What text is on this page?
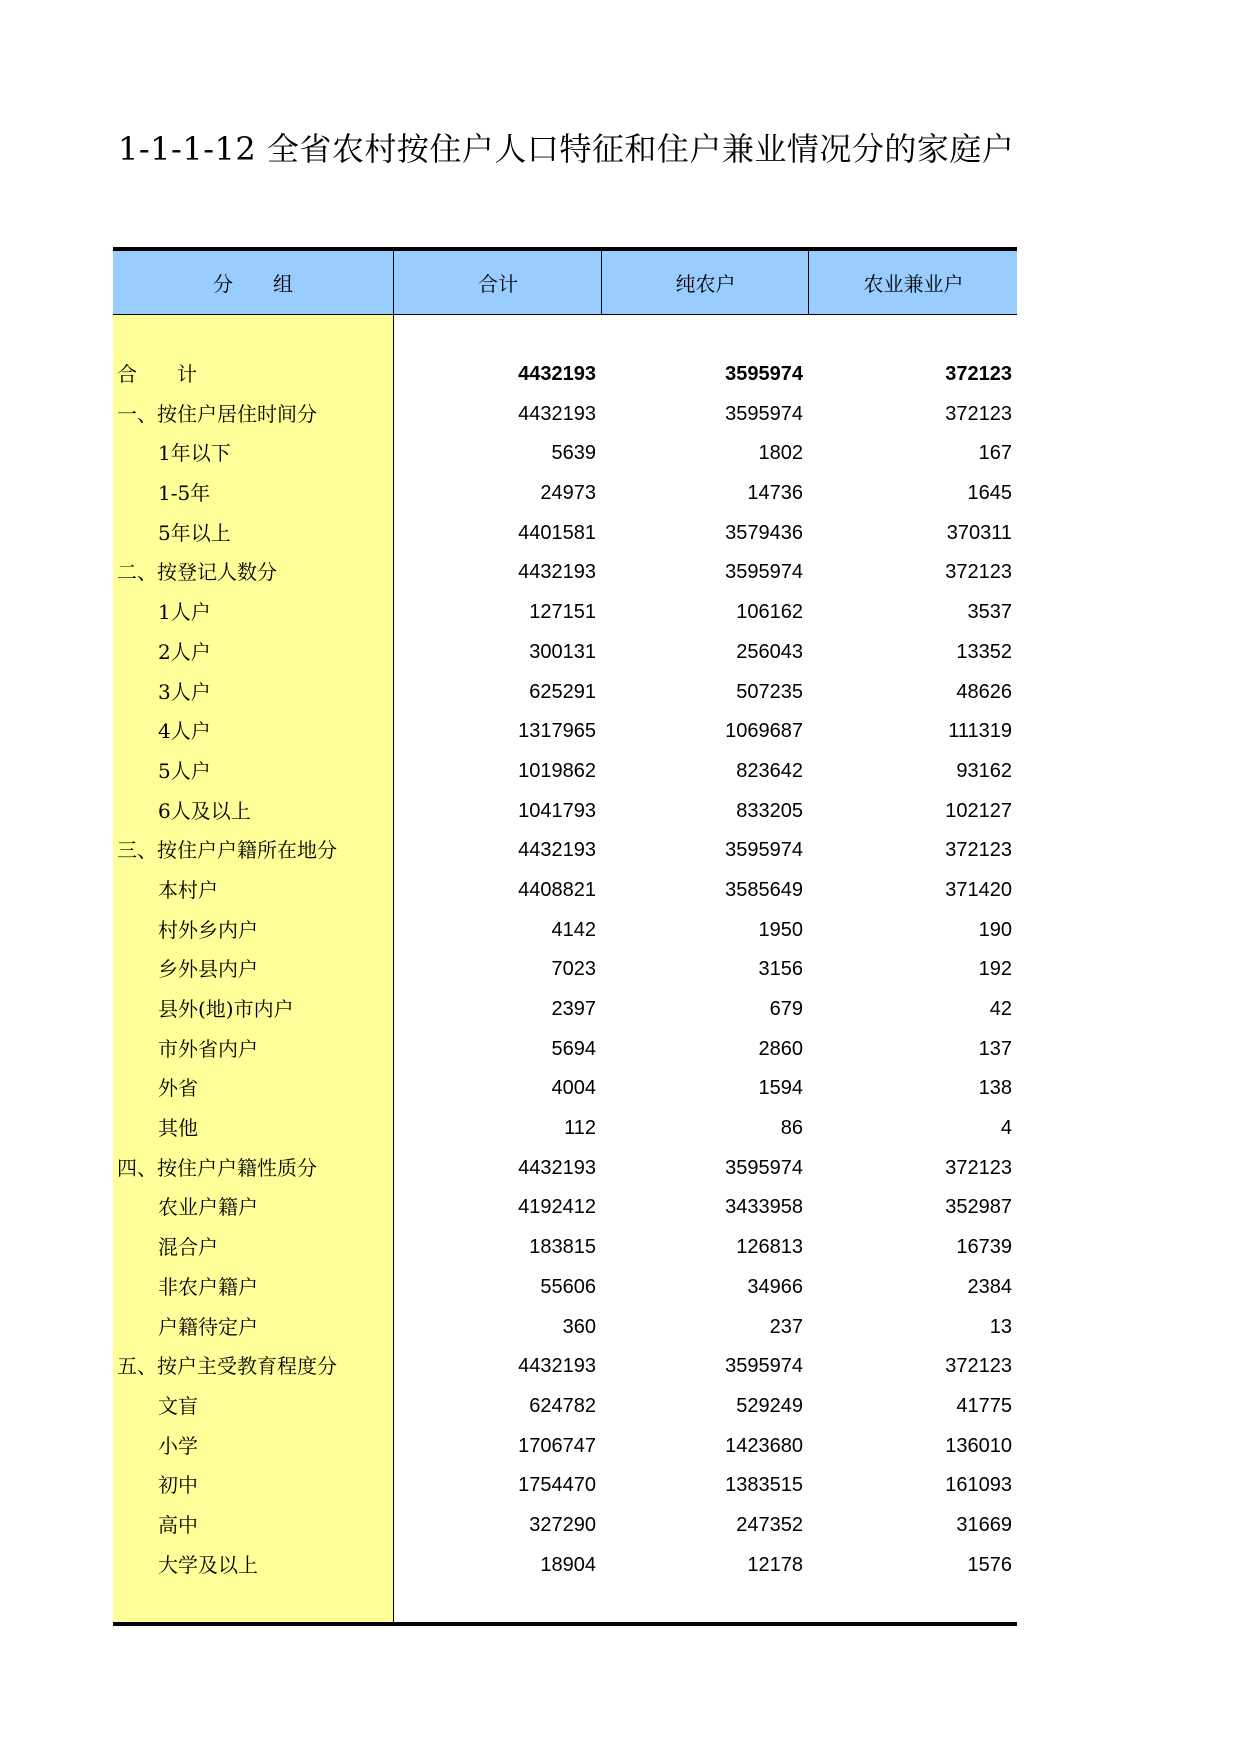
1-1-1-12 全省农村按住户人口特征和住户兼业情况分的家庭户
分　　组	合计	纯农户	农业兼业户
合　　计	4432193	3595974	372123
一、按住户居住时间分	4432193	3595974	372123
1年以下	5639	1802	167
1-5年	24973	14736	1645
5年以上	4401581	3579436	370311
二、按登记人数分	4432193	3595974	372123
1人户	127151	106162	3537
2人户	300131	256043	13352
3人户	625291	507235	48626
4人户	1317965	1069687	111319
5人户	1019862	823642	93162
6人及以上	1041793	833205	102127
三、按住户户籍所在地分	4432193	3595974	372123
本村户	4408821	3585649	371420
村外乡内户	4142	1950	190
乡外县内户	7023	3156	192
县外(地)市内户	2397	679	42
市外省内户	5694	2860	137
外省	4004	1594	138
其他	112	86	4
四、按住户户籍性质分	4432193	3595974	372123
农业户籍户	4192412	3433958	352987
混合户	183815	126813	16739
非农户籍户	55606	34966	2384
户籍待定户	360	237	13
五、按户主受教育程度分	4432193	3595974	372123
文盲	624782	529249	41775
小学	1706747	1423680	136010
初中	1754470	1383515	161093
高中	327290	247352	31669
大学及以上	18904	12178	1576
